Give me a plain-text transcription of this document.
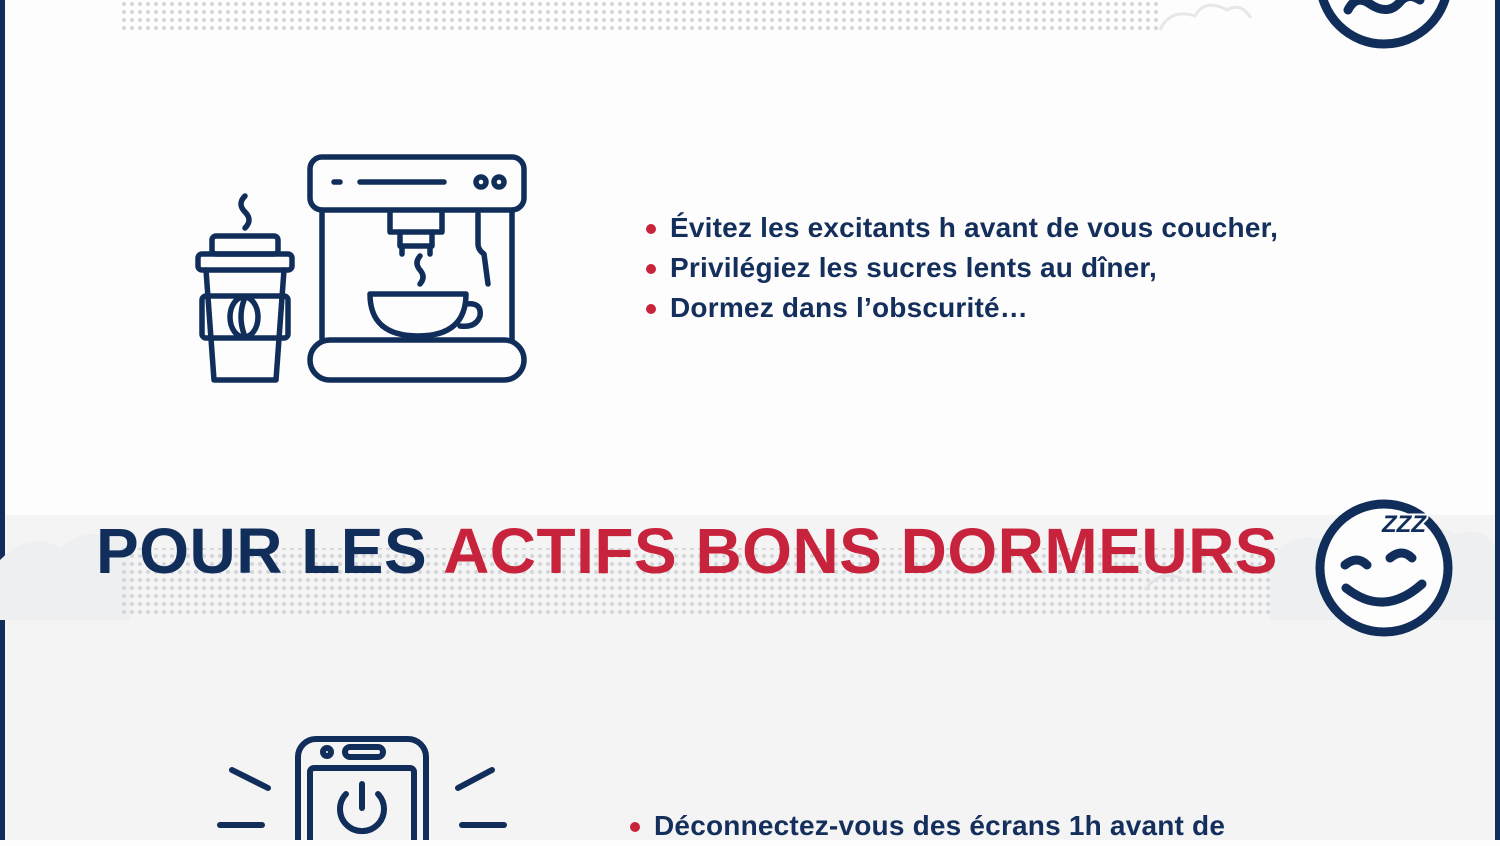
ZZZ
Évitez les excitants h avant de vous coucher,
Privilégiez les sucres lents au dîner,
Dormez dans l’obscurité…
POUR LES ACTIFS BONS DORMEURS
Déconnectez-vous des écrans 1h avant de
